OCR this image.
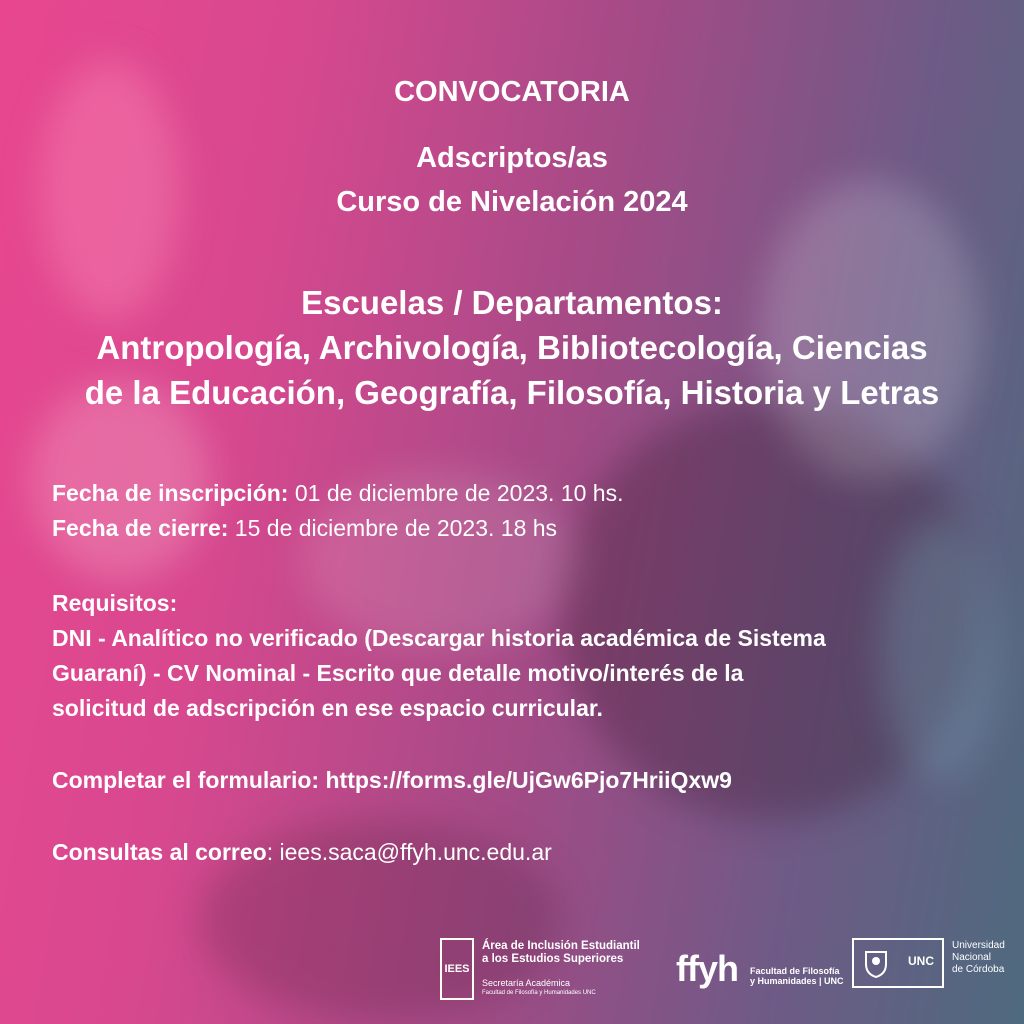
CONVOCATORIA
Adscriptos/as
Curso de Nivelación 2024
Escuelas / Departamentos:
Antropología, Archivología, Bibliotecología, Ciencias
de la Educación, Geografía, Filosofía, Historia y Letras
Fecha de inscripción: 01 de diciembre de 2023. 10 hs.
Fecha de cierre: 15 de diciembre de 2023. 18 hs
Requisitos:
DNI - Analítico no verificado (Descargar historia académica de Sistema
Guaraní) - CV Nominal - Escrito que detalle motivo/interés de la
solicitud de adscripción en ese espacio curricular.
Completar el formulario: https://forms.gle/UjGw6Pjo7HriiQxw9
Consultas al correo: iees.saca@ffyh.unc.edu.ar
IEES
Área de Inclusión Estudiantil
a los Estudios Superiores
Secretaría Académica
Facultad de Filosofía y Humanidades UNC
ffyh Facultad de Filosofía
y Humanidades | UNC
UNC
Universidad
Nacional
de Córdoba
